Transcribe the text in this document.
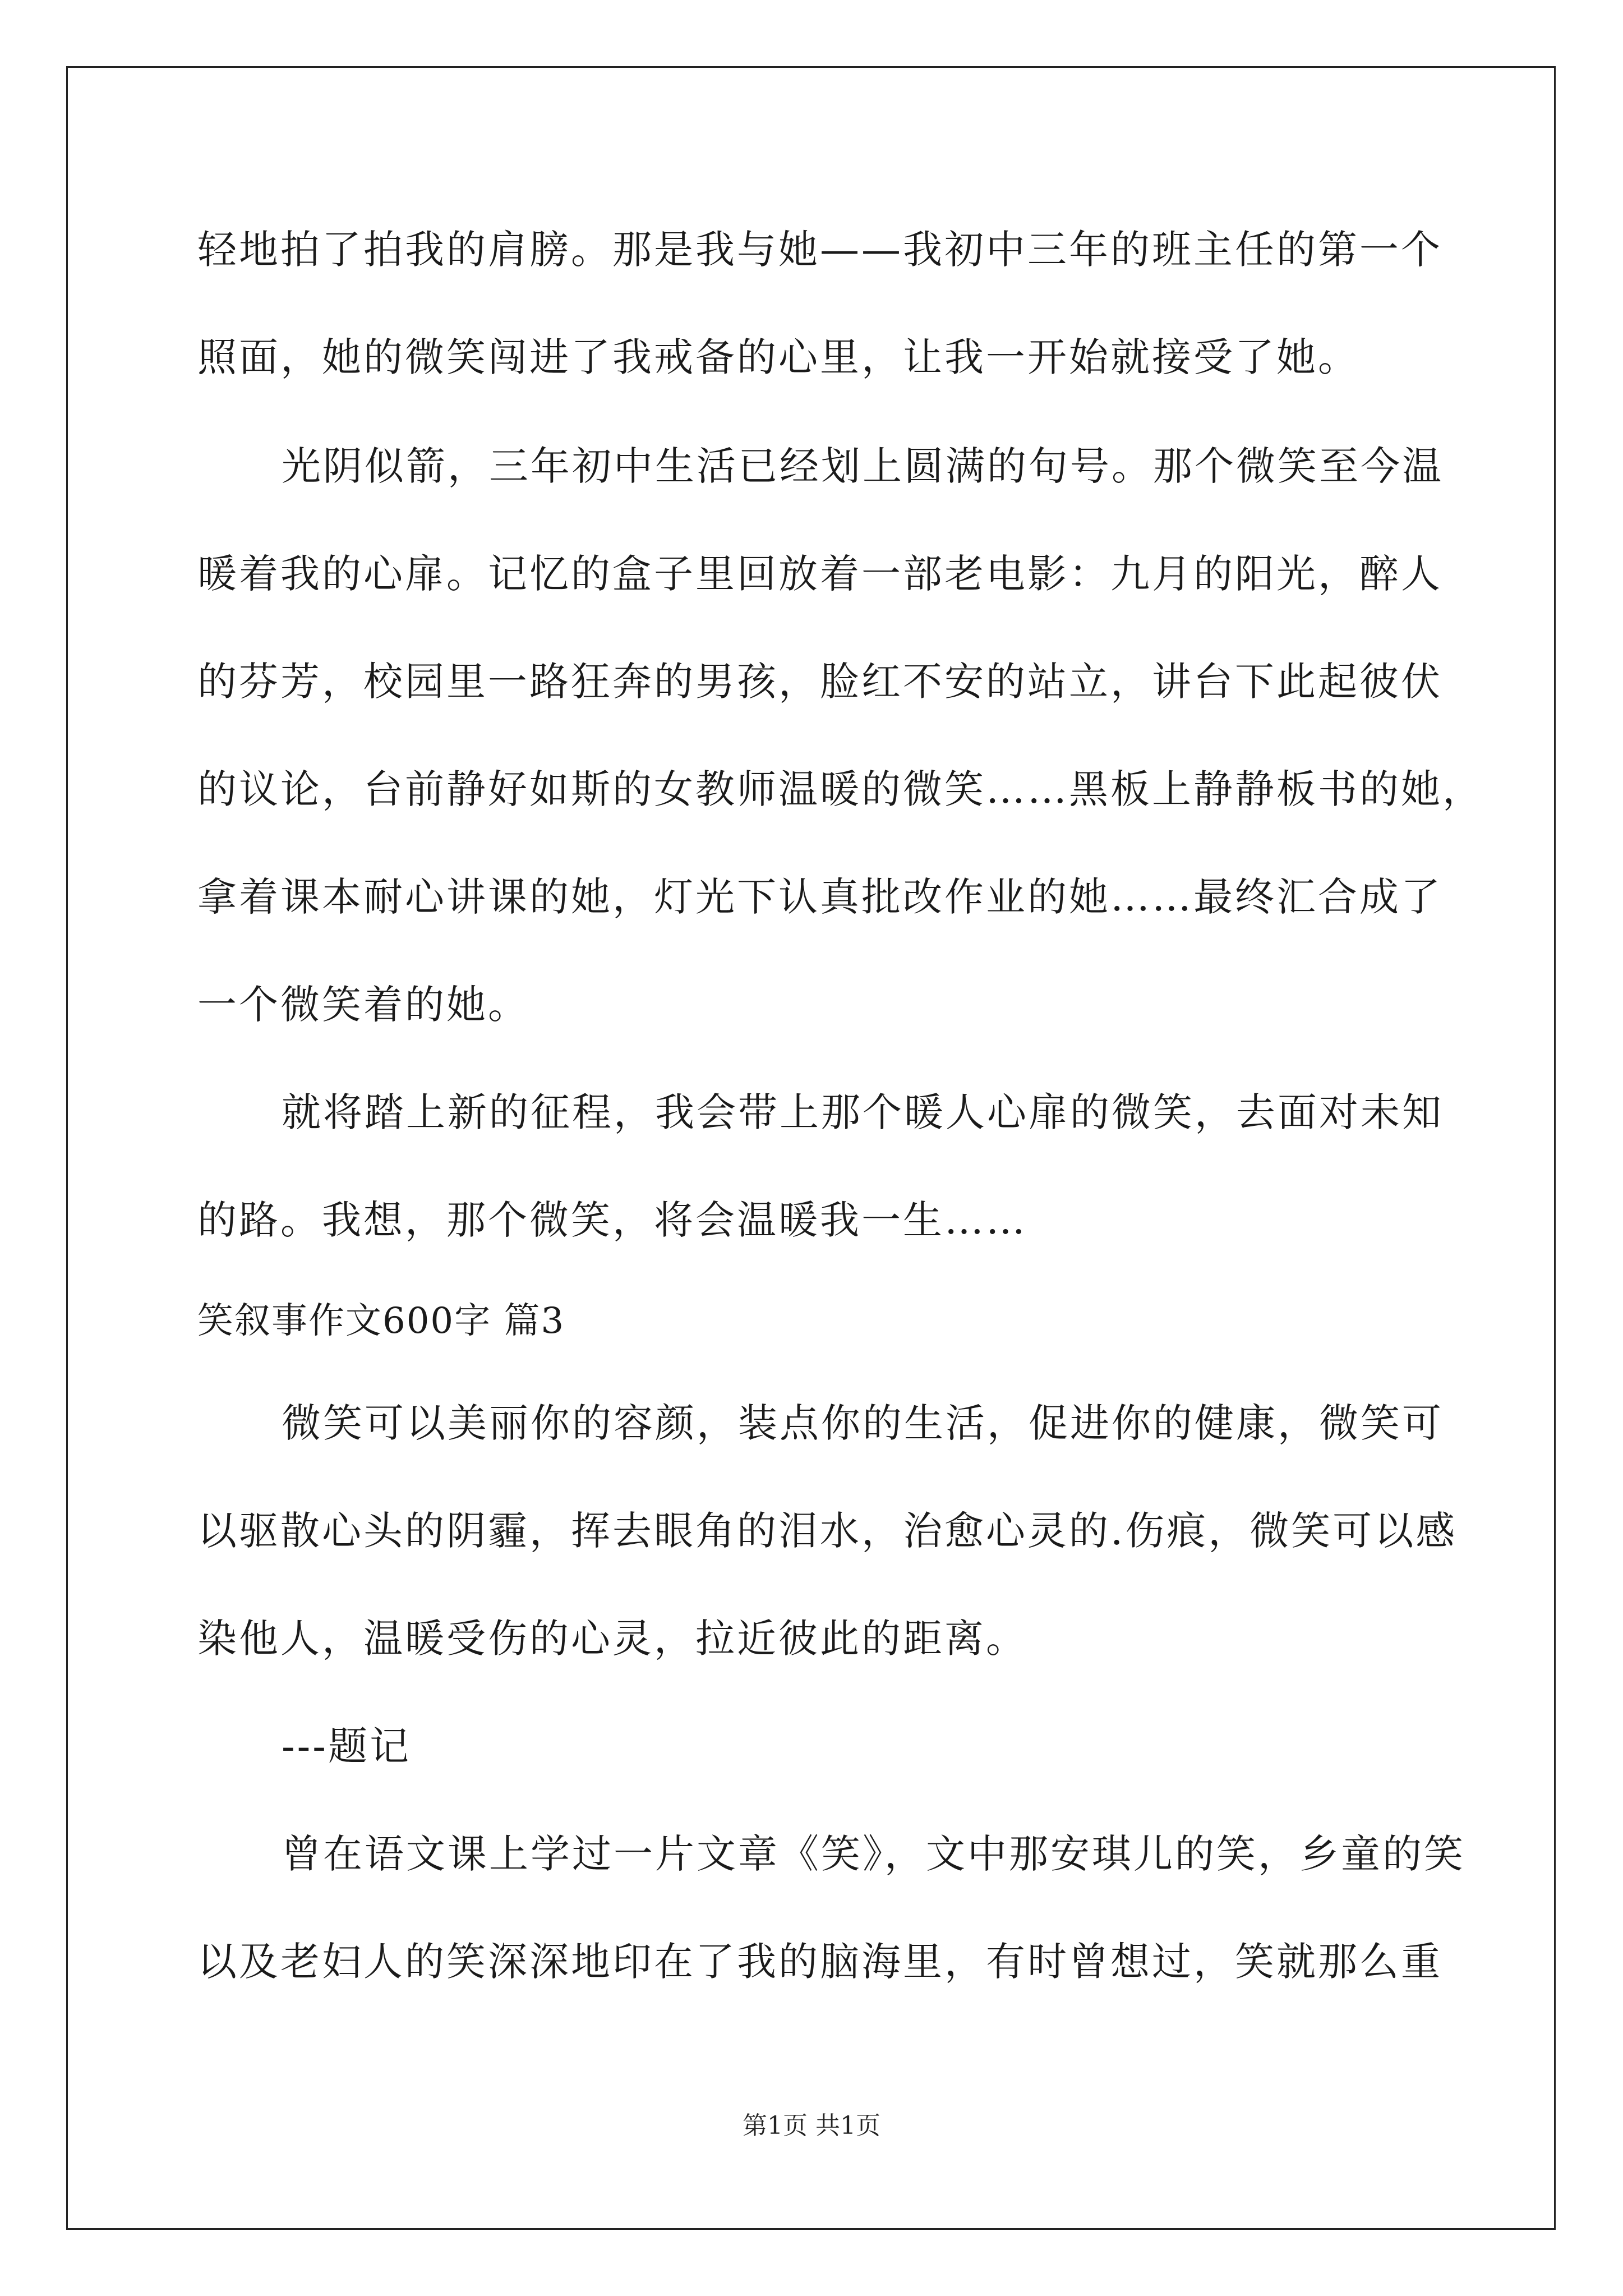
轻地拍了拍我的肩膀。那是我与她——我初中三年的班主任的第一个
照面，她的微笑闯进了我戒备的心里，让我一开始就接受了她。
光阴似箭，三年初中生活已经划上圆满的句号。那个微笑至今温
暖着我的心扉。记忆的盒子里回放着一部老电影：九月的阳光，醉人
的芬芳，校园里一路狂奔的男孩，脸红不安的站立，讲台下此起彼伏
的议论，台前静好如斯的女教师温暖的微笑……黑板上静静板书的她，
拿着课本耐心讲课的她，灯光下认真批改作业的她……最终汇合成了
一个微笑着的她。
就将踏上新的征程，我会带上那个暖人心扉的微笑，去面对未知
的路。我想，那个微笑，将会温暖我一生……
笑叙事作文600字 篇3
微笑可以美丽你的容颜，装点你的生活，促进你的健康，微笑可
以驱散心头的阴霾，挥去眼角的泪水，治愈心灵的.伤痕，微笑可以感
染他人，温暖受伤的心灵，拉近彼此的距离。
---题记
曾在语文课上学过一片文章《笑》，文中那安琪儿的笑，乡童的笑
以及老妇人的笑深深地印在了我的脑海里，有时曾想过，笑就那么重
第1页 共1页
